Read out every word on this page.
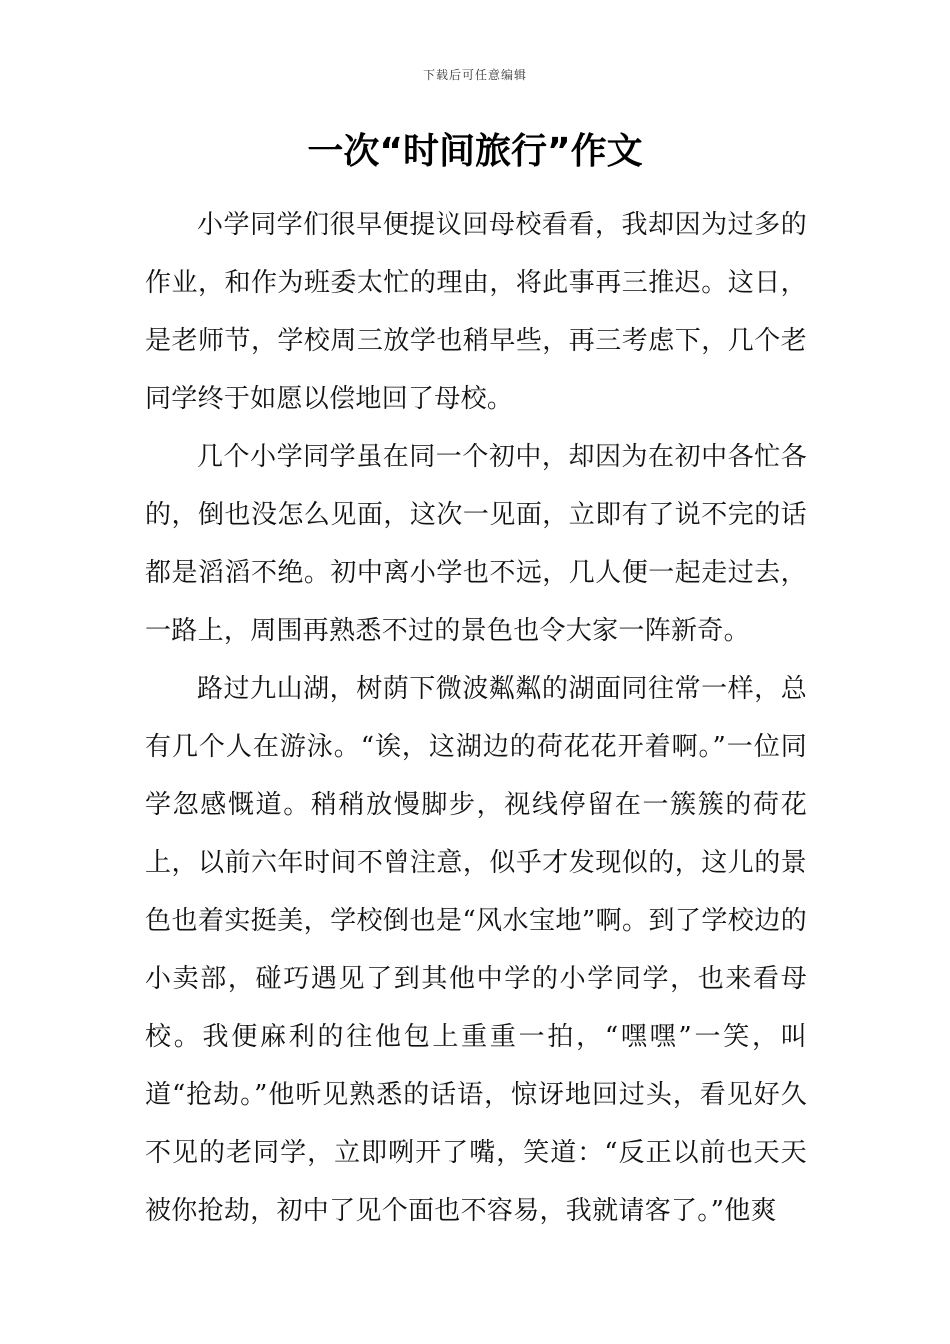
下载后可任意编辑
一次“时间旅行”作文

小学同学们很早便提议回母校看看，我却因为过多的作业，和作为班委太忙的理由，将此事再三推迟。这日，是老师节，学校周三放学也稍早些，再三考虑下，几个老同学终于如愿以偿地回了母校。

几个小学同学虽在同一个初中，却因为在初中各忙各的，倒也没怎么见面，这次一见面，立即有了说不完的话都是滔滔不绝。初中离小学也不远，几人便一起走过去，一路上，周围再熟悉不过的景色也令大家一阵新奇。

路过九山湖，树荫下微波粼粼的湖面同往常一样，总有几个人在游泳。“诶，这湖边的荷花花开着啊。”一位同学忽感慨道。稍稍放慢脚步，视线停留在一簇簇的荷花上，以前六年时间不曾注意，似乎才发现似的，这儿的景色也着实挺美，学校倒也是“风水宝地”啊。到了学校边的小卖部，碰巧遇见了到其他中学的小学同学，也来看母校。我便麻利的往他包上重重一拍，“嘿嘿”一笑，叫道“抢劫。”他听见熟悉的话语，惊讶地回过头，看见好久不见的老同学，立即咧开了嘴，笑道：“反正以前也天天被你抢劫，初中了见个面也不容易，我就请客了。”他爽
